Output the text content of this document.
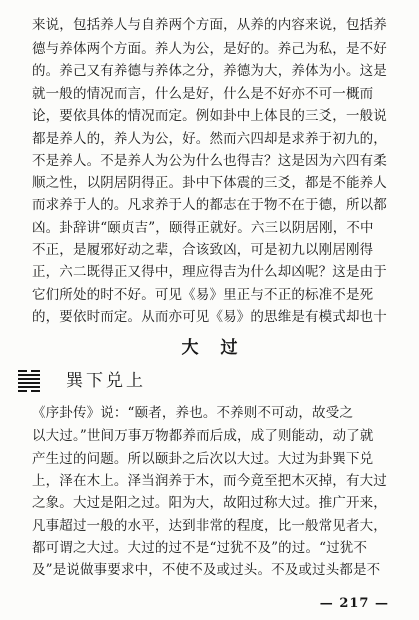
来说，包括养人与自养两个方面，从养的内容来说，包括养
德与养体两个方面。养人为公，是好的。养己为私，是不好
的。养己又有养德与养体之分，养德为大，养体为小。这是
就一般的情况而言，什么是好，什么是不好亦不可一概而
论，要依具体的情况而定。例如卦中上体艮的三爻，一般说
都是养人的，养人为公，好。然而六四却是求养于初九的，
不是养人。不是养人为公为什么也得吉？这是因为六四有柔
顺之性，以阴居阴得正。卦中下体震的三爻，都是不能养人
而求养于人的。凡求养于人的都志在于物不在于德，所以都
凶。卦辞讲“颐贞吉”，颐得正就好。六三以阴居刚，不中
不正，是履邪好动之辈，合该致凶，可是初九以刚居刚得
正，六二既得正又得中，理应得吉为什么却凶呢？这是由于
它们所处的时不好。可见《易》里正与不正的标准不是死
的，要依时而定。从而亦可见《易》的思维是有模式却也十
大过
巽下兑上
《序卦传》说：“颐者，养也。不养则不可动，故受之
以大过。”世间万事万物都养而后成，成了则能动，动了就
产生过的问题。所以颐卦之后次以大过。大过为卦巽下兑
上，泽在木上。泽当润养于木，而今竟至把木灭掉，有大过
之象。大过是阳之过。阳为大，故阳过称大过。推广开来，
凡事超过一般的水平，达到非常的程度，比一般常见者大，
都可谓之大过。大过的过不是“过犹不及”的过。“过犹不
及”是说做事要求中，不使不及或过头。不及或过头都是不
— 217 —
